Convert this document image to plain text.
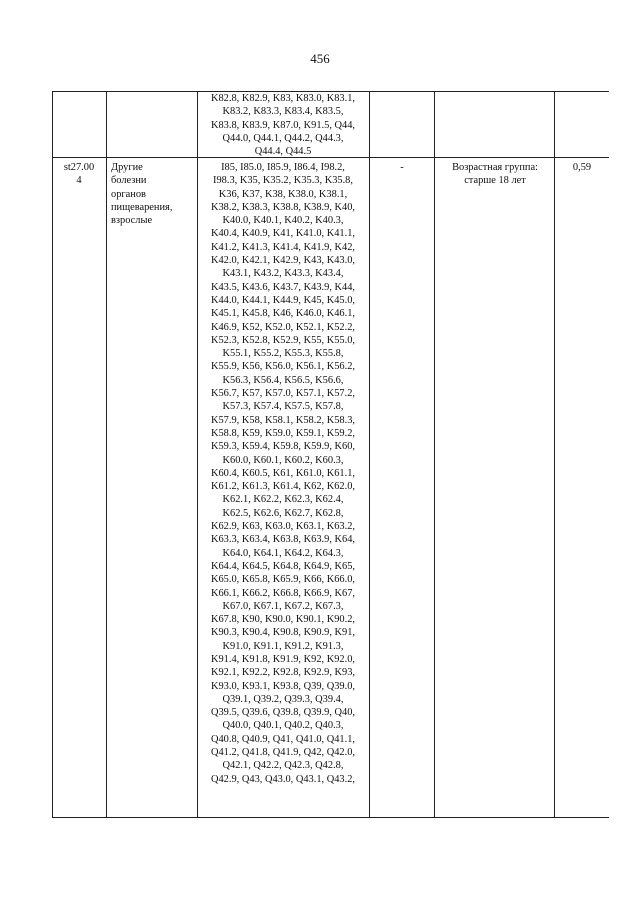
456
K82.8, K82.9, K83, K83.0, K83.1,
K83.2, K83.3, K83.4, K83.5,
K83.8, K83.9, K87.0, K91.5, Q44,
Q44.0, Q44.1, Q44.2, Q44.3,
Q44.4, Q44.5
st27.00
4
Другие
болезни
органов
пищеварения,
взрослые
I85, I85.0, I85.9, I86.4, I98.2,
I98.3, K35, K35.2, K35.3, K35.8,
K36, K37, K38, K38.0, K38.1,
K38.2, K38.3, K38.8, K38.9, K40,
K40.0, K40.1, K40.2, K40.3,
K40.4, K40.9, K41, K41.0, K41.1,
K41.2, K41.3, K41.4, K41.9, K42,
K42.0, K42.1, K42.9, K43, K43.0,
K43.1, K43.2, K43.3, K43.4,
K43.5, K43.6, K43.7, K43.9, K44,
K44.0, K44.1, K44.9, K45, K45.0,
K45.1, K45.8, K46, K46.0, K46.1,
K46.9, K52, K52.0, K52.1, K52.2,
K52.3, K52.8, K52.9, K55, K55.0,
K55.1, K55.2, K55.3, K55.8,
K55.9, K56, K56.0, K56.1, K56.2,
K56.3, K56.4, K56.5, K56.6,
K56.7, K57, K57.0, K57.1, K57.2,
K57.3, K57.4, K57.5, K57.8,
K57.9, K58, K58.1, K58.2, K58.3,
K58.8, K59, K59.0, K59.1, K59.2,
K59.3, K59.4, K59.8, K59.9, K60,
K60.0, K60.1, K60.2, K60.3,
K60.4, K60.5, K61, K61.0, K61.1,
K61.2, K61.3, K61.4, K62, K62.0,
K62.1, K62.2, K62.3, K62.4,
K62.5, K62.6, K62.7, K62.8,
K62.9, K63, K63.0, K63.1, K63.2,
K63.3, K63.4, K63.8, K63.9, K64,
K64.0, K64.1, K64.2, K64.3,
K64.4, K64.5, K64.8, K64.9, K65,
K65.0, K65.8, K65.9, K66, K66.0,
K66.1, K66.2, K66.8, K66.9, K67,
K67.0, K67.1, K67.2, K67.3,
K67.8, K90, K90.0, K90.1, K90.2,
K90.3, K90.4, K90.8, K90.9, K91,
K91.0, K91.1, K91.2, K91.3,
K91.4, K91.8, K91.9, K92, K92.0,
K92.1, K92.2, K92.8, K92.9, K93,
K93.0, K93.1, K93.8, Q39, Q39.0,
Q39.1, Q39.2, Q39.3, Q39.4,
Q39.5, Q39.6, Q39.8, Q39.9, Q40,
Q40.0, Q40.1, Q40.2, Q40.3,
Q40.8, Q40.9, Q41, Q41.0, Q41.1,
Q41.2, Q41.8, Q41.9, Q42, Q42.0,
Q42.1, Q42.2, Q42.3, Q42.8,
Q42.9, Q43, Q43.0, Q43.1, Q43.2,
-	Возрастная группа:
старше 18 лет
0,59
